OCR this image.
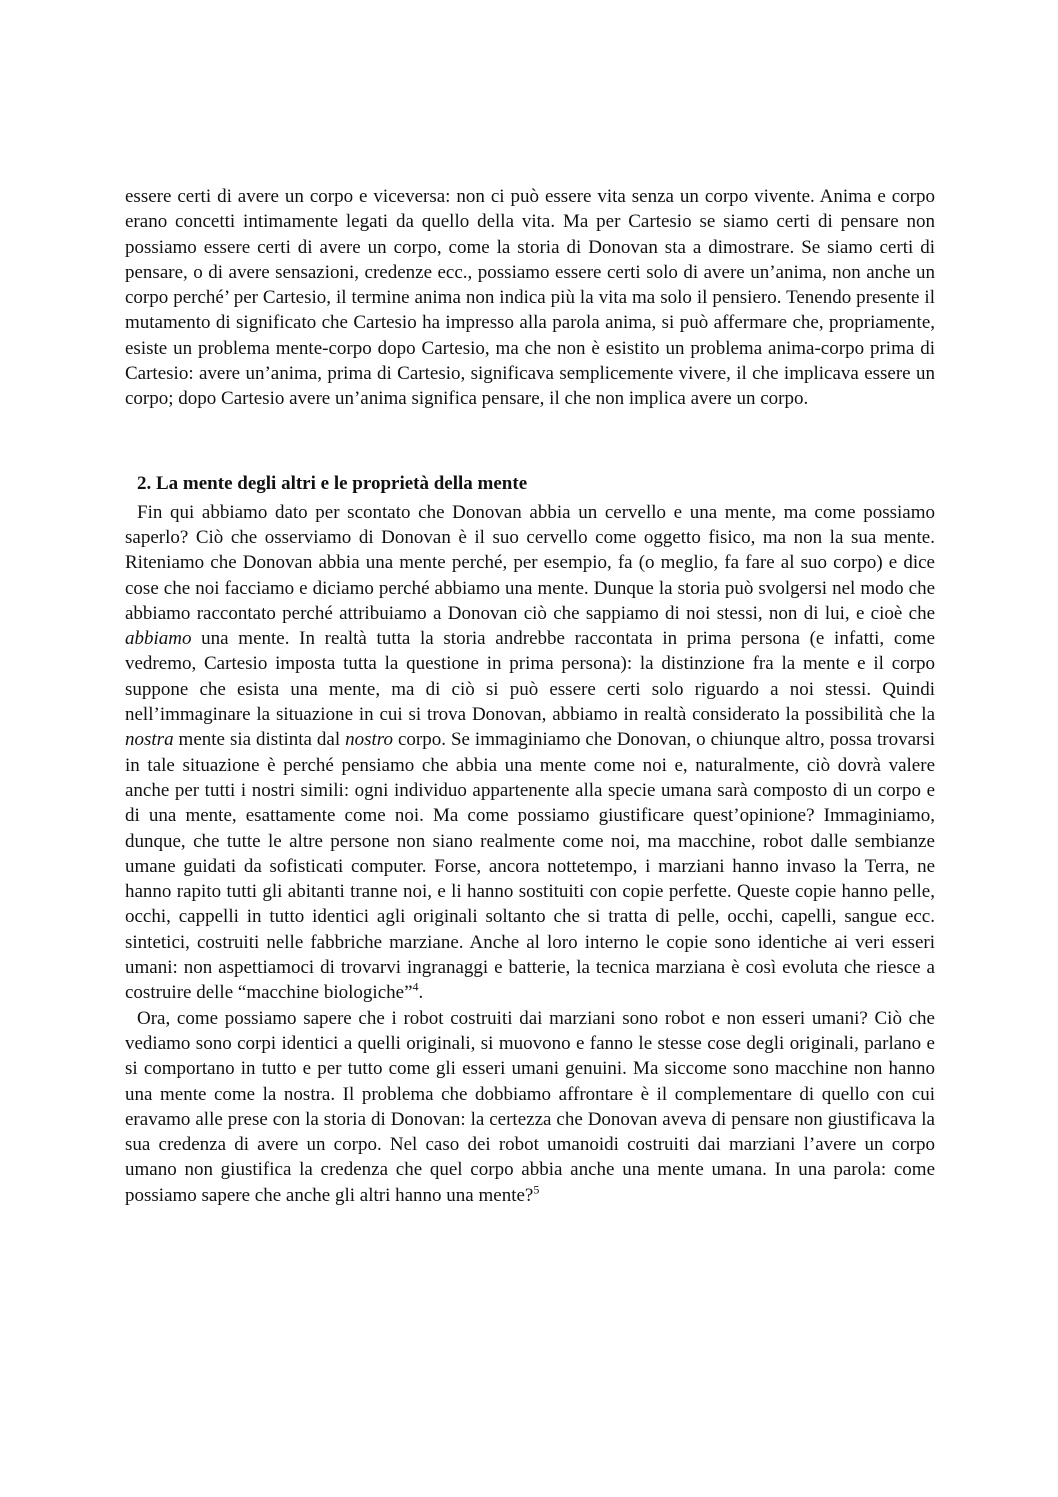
essere certi di avere un corpo e viceversa: non ci può essere vita senza un corpo vivente. Anima e corpo erano concetti intimamente legati da quello della vita. Ma per Cartesio se siamo certi di pensare non possiamo essere certi di avere un corpo, come la storia di Donovan sta a dimostrare. Se siamo certi di pensare, o di avere sensazioni, credenze ecc., possiamo essere certi solo di avere un’anima, non anche un corpo perché’ per Cartesio, il termine anima non indica più la vita ma solo il pensiero. Tenendo presente il mutamento di significato che Cartesio ha impresso alla parola anima, si può affermare che, propriamente, esiste un problema mente-corpo dopo Cartesio, ma che non è esistito un problema anima-corpo prima di Cartesio: avere un’anima, prima di Cartesio, significava semplicemente vivere, il che implicava essere un corpo; dopo Cartesio avere un’anima significa pensare, il che non implica avere un corpo.

2. La mente degli altri e le proprietà della mente

Fin qui abbiamo dato per scontato che Donovan abbia un cervello e una mente, ma come possiamo saperlo? Ciò che osserviamo di Donovan è il suo cervello come oggetto fisico, ma non la sua mente. Riteniamo che Donovan abbia una mente perché, per esempio, fa (o meglio, fa fare al suo corpo) e dice cose che noi facciamo e diciamo perché abbiamo una mente. Dunque la storia può svolgersi nel modo che abbiamo raccontato perché attribuiamo a Donovan ciò che sappiamo di noi stessi, non di lui, e cioè che abbiamo una mente. In realtà tutta la storia andrebbe raccontata in prima persona (e infatti, come vedremo, Cartesio imposta tutta la questione in prima persona): la distinzione fra la mente e il corpo suppone che esista una mente, ma di ciò si può essere certi solo riguardo a noi stessi. Quindi nell’immaginare la situazione in cui si trova Donovan, abbiamo in realtà considerato la possibilità che la nostra mente sia distinta dal nostro corpo. Se immaginiamo che Donovan, o chiunque altro, possa trovarsi in tale situazione è perché pensiamo che abbia una mente come noi e, naturalmente, ciò dovrà valere anche per tutti i nostri simili: ogni individuo appartenente alla specie umana sarà composto di un corpo e di una mente, esattamente come noi. Ma come possiamo giustificare quest’opinione? Immaginiamo, dunque, che tutte le altre persone non siano realmente come noi, ma macchine, robot dalle sembianze umane guidati da sofisticati computer. Forse, ancora nottetempo, i marziani hanno invaso la Terra, ne hanno rapito tutti gli abitanti tranne noi, e li hanno sostituiti con copie perfette. Queste copie hanno pelle, occhi, cappelli in tutto identici agli originali soltanto che si tratta di pelle, occhi, capelli, sangue ecc. sintetici, costruiti nelle fabbriche marziane. Anche al loro interno le copie sono identiche ai veri esseri umani: non aspettiamoci di trovarvi ingranaggi e batterie, la tecnica marziana è così evoluta che riesce a costruire delle “macchine biologiche”$^4$.

Ora, come possiamo sapere che i robot costruiti dai marziani sono robot e non esseri umani? Ciò che vediamo sono corpi identici a quelli originali, si muovono e fanno le stesse cose degli originali, parlano e si comportano in tutto e per tutto come gli esseri umani genuini. Ma siccome sono macchine non hanno una mente come la nostra. Il problema che dobbiamo affrontare è il complementare di quello con cui eravamo alle prese con la storia di Donovan: la certezza che Donovan aveva di pensare non giustificava la sua credenza di avere un corpo. Nel caso dei robot umanoidi costruiti dai marziani l’avere un corpo umano non giustifica la credenza che quel corpo abbia anche una mente umana. In una parola: come possiamo sapere che anche gli altri hanno una mente?$^5$
